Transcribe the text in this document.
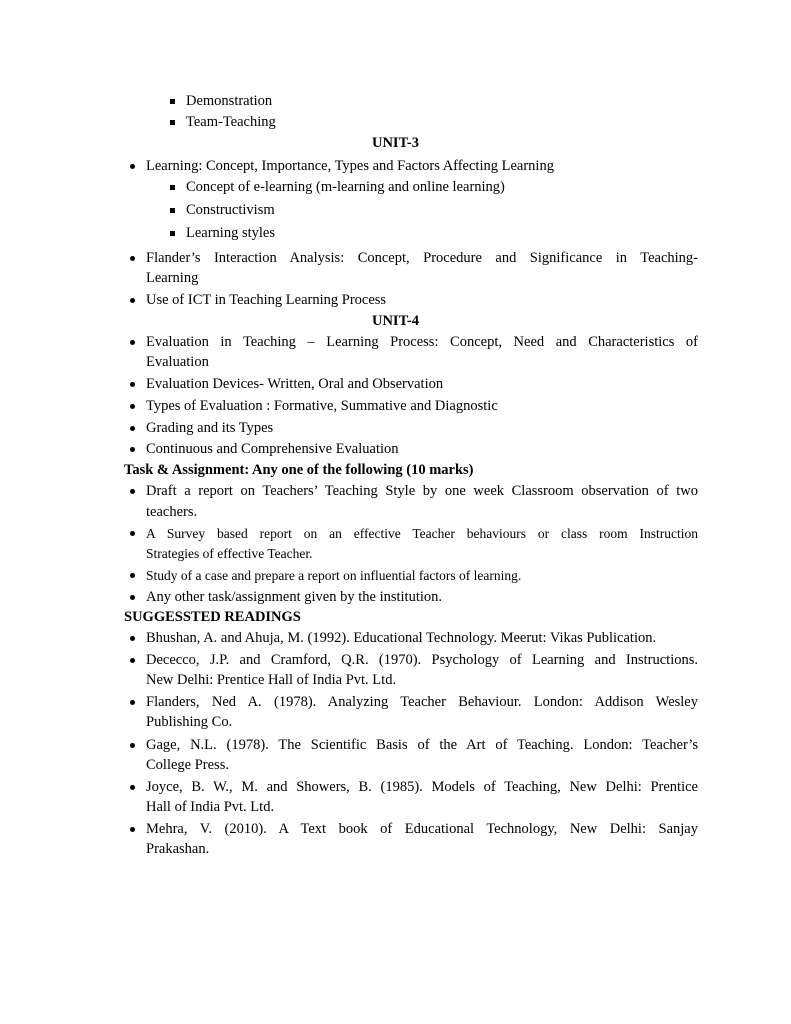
Demonstration
Team-Teaching
UNIT-3
Learning: Concept, Importance, Types and Factors Affecting Learning
Concept of e-learning (m-learning and online learning)
Constructivism
Learning styles
Flander’s Interaction Analysis: Concept, Procedure and Significance in Teaching-
Learning
Use of ICT in Teaching Learning Process
UNIT-4
Evaluation in Teaching – Learning Process: Concept, Need and Characteristics of
Evaluation
Evaluation Devices- Written, Oral and Observation
Types of Evaluation : Formative, Summative and Diagnostic
Grading and its Types
Continuous and Comprehensive Evaluation
Task & Assignment: Any one of the following (10 marks)
Draft a report on Teachers’ Teaching Style by one week Classroom observation of two
teachers.
A Survey based report on an effective Teacher behaviours or class room Instruction
Strategies of effective Teacher.
Study of a case and prepare a report on influential factors of learning.
Any other task/assignment given by the institution.
SUGGESSTED READINGS
Bhushan, A. and Ahuja, M. (1992). Educational Technology. Meerut: Vikas Publication.
Dececco, J.P. and Cramford, Q.R. (1970). Psychology of Learning and Instructions.
New Delhi: Prentice Hall of India Pvt. Ltd.
Flanders, Ned A. (1978). Analyzing Teacher Behaviour. London: Addison Wesley
Publishing Co.
Gage, N.L. (1978). The Scientific Basis of the Art of Teaching. London: Teacher’s
College Press.
Joyce, B. W., M. and Showers, B. (1985). Models of Teaching, New Delhi: Prentice
Hall of India Pvt. Ltd.
Mehra, V. (2010). A Text book of Educational Technology, New Delhi: Sanjay
Prakashan.
